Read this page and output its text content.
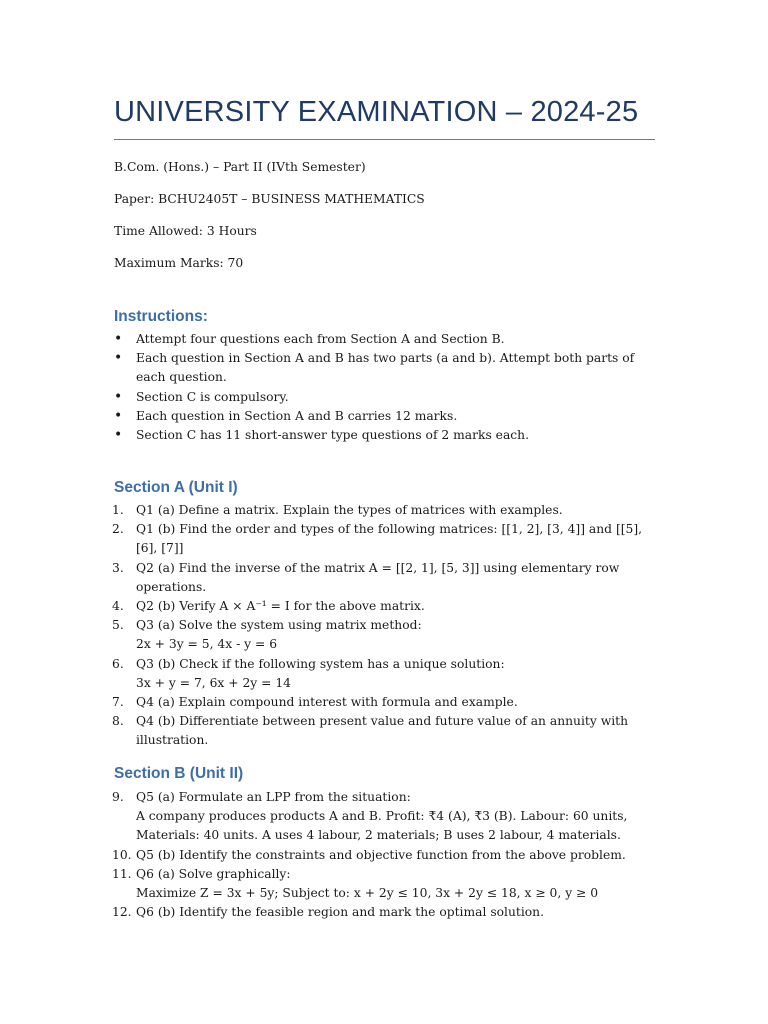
UNIVERSITY EXAMINATION – 2024-25
B.Com. (Hons.) – Part II (IVth Semester)
Paper: BCHU2405T – BUSINESS MATHEMATICS
Time Allowed: 3 Hours
Maximum Marks: 70
Instructions:
• Attempt four questions each from Section A and Section B.
• Each question in Section A and B has two parts (a and b). Attempt both parts of each question.
• Section C is compulsory.
• Each question in Section A and B carries 12 marks.
• Section C has 11 short-answer type questions of 2 marks each.
Section A (Unit I)
1. Q1 (a) Define a matrix. Explain the types of matrices with examples.
2. Q1 (b) Find the order and types of the following matrices: [[1, 2], [3, 4]] and [[5], [6], [7]]
3. Q2 (a) Find the inverse of the matrix A = [[2, 1], [5, 3]] using elementary row operations.
4. Q2 (b) Verify A × A⁻¹ = I for the above matrix.
5. Q3 (a) Solve the system using matrix method:
2x + 3y = 5, 4x - y = 6
6. Q3 (b) Check if the following system has a unique solution:
3x + y = 7, 6x + 2y = 14
7. Q4 (a) Explain compound interest with formula and example.
8. Q4 (b) Differentiate between present value and future value of an annuity with illustration.
Section B (Unit II)
9. Q5 (a) Formulate an LPP from the situation:
A company produces products A and B. Profit: ₹4 (A), ₹3 (B). Labour: 60 units, Materials: 40 units. A uses 4 labour, 2 materials; B uses 2 labour, 4 materials.
10. Q5 (b) Identify the constraints and objective function from the above problem.
11. Q6 (a) Solve graphically:
Maximize Z = 3x + 5y; Subject to: x + 2y ≤ 10, 3x + 2y ≤ 18, x ≥ 0, y ≥ 0
12. Q6 (b) Identify the feasible region and mark the optimal solution.
